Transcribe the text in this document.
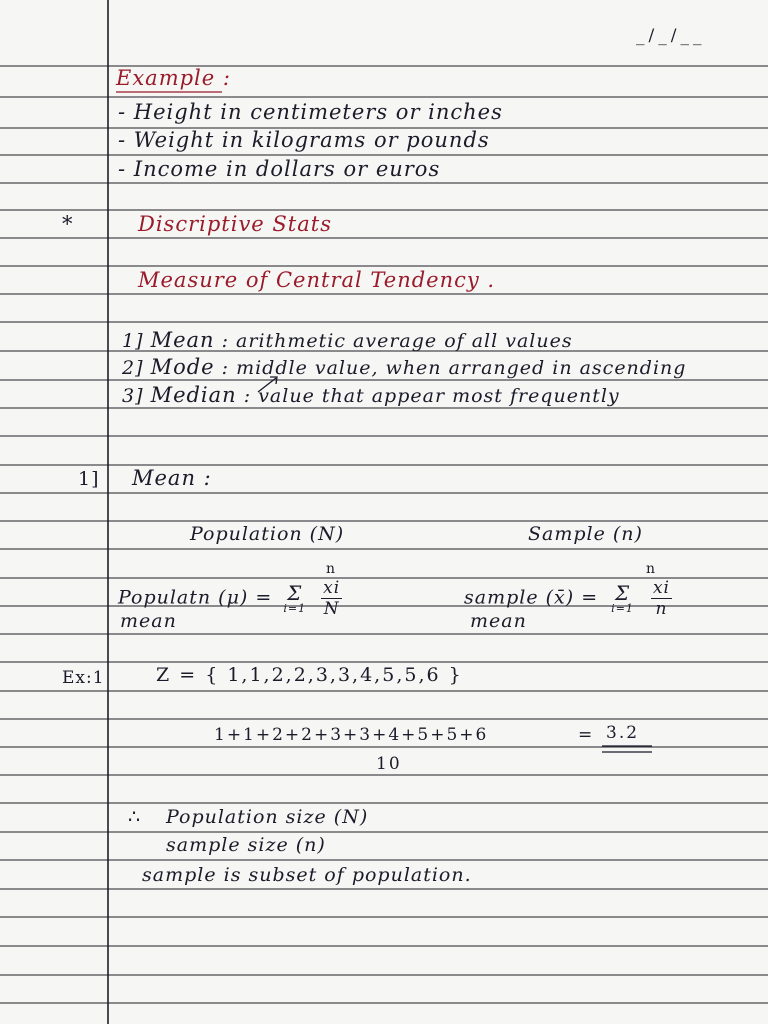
_/_/__
Example :
- Height in centimeters or inches
- Weight in kilograms or pounds
- Income in dollars or euros
*	Discriptive Stats
Measure of Central Tendency .
1] Mean : arithmetic average of all values
2] Mode : middle value, when arranged in ascending
3] Median : value that appear most frequently
1] Mean :
Population (N)	Sample (n)
Populatn (μ) = Σ
$i=1 \frac{xi}{N}$
n
mean
sample (x̄) = Σ
$i=1 \frac{xi}{n}$
n
mean
Ex:1	Z = { 1,1,2,2,3,3,4,5,5,6 }
1+1+2+2+3+3+4+5+5+6	= 3.2
10
∴ Population size (N)
sample size (n)
sample is subset of population.
